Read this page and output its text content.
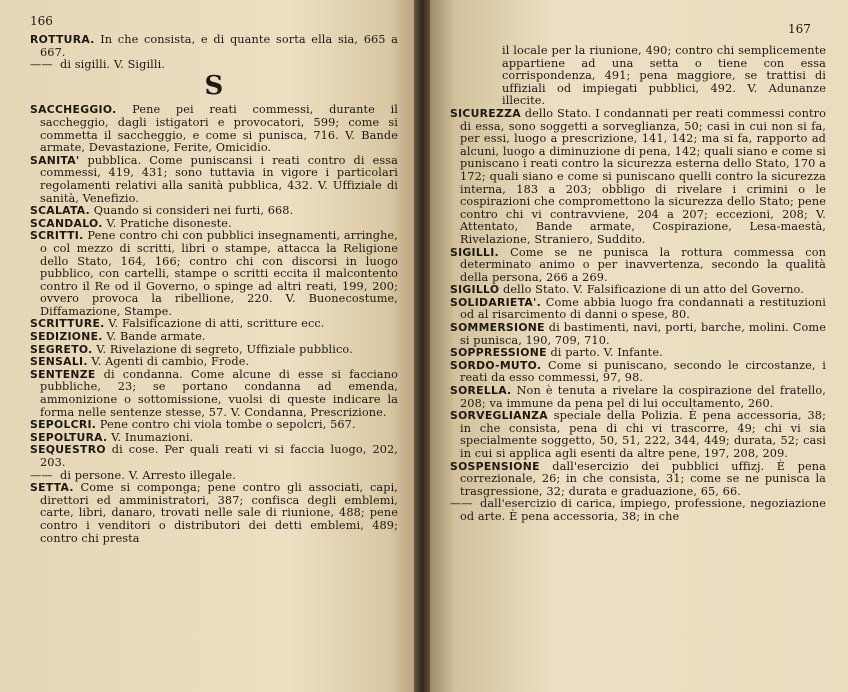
166

ROTTURA. In che consista, e di quante sorta ella sia, 665 a 667.

—— di sigilli. V. Sigilli.

S

SACCHEGGIO. Pene pei reati commessi, durante il saccheggio, dagli istigatori e provocatori, 599; come si commetta il saccheggio, e come si punisca, 716. V. Bande armate, Devastazione, Ferite, Omicidio.

SANITA' pubblica. Come puniscansi i reati contro di essa commessi, 419, 431; sono tuttavia in vigore i particolari regolamenti relativi alla sanità pubblica, 432. V. Uffiziale di sanità, Venefizio.

SCALATA. Quando si consideri nei furti, 668.

SCANDALO. V. Pratiche disoneste.

SCRITTI. Pene contro chi con pubblici insegnamenti, arringhe, o col mezzo di scritti, libri o stampe, attacca la Religione dello Stato, 164, 166; contro chi con discorsi in luogo pubblico, con cartelli, stampe o scritti eccita il malcontento contro il Re od il Governo, o spinge ad altri reati, 199, 200; ovvero provoca la ribellione, 220. V. Buonecostume, Diffamazione, Stampe.

SCRITTURE. V. Falsificazione di atti, scritture ecc.

SEDIZIONE. V. Bande armate.

SEGRETO. V. Rivelazione di segreto, Uffiziale pubblico.

SENSALI. V. Agenti di cambio, Frode.

SENTENZE di condanna. Come alcune di esse si facciano pubbliche, 23; se portano condanna ad emenda, ammonizione o sottomissione, vuolsi di queste indicare la forma nelle sentenze stesse, 57. V. Condanna, Prescrizione.

SEPOLCRI. Pene contro chi viola tombe o sepolcri, 567.

SEPOLTURA. V. Inumazioni.

SEQUESTRO di cose. Per quali reati vi si faccia luogo, 202, 203.

—— di persone. V. Arresto illegale.

SETTA. Come si componga; pene contro gli associati, capi, direttori ed amministratori, 387; confisca degli emblemi, carte, libri, danaro, trovati nelle sale di riunione, 488; pene contro i venditori o distributori dei detti emblemi, 489; contro chi presta

167

il locale per la riunione, 490; contro chi semplicemente appartiene ad una setta o tiene con essa corrispondenza, 491; pena maggiore, se trattisi di uffiziali od impiegati pubblici, 492. V. Adunanze illecite.

SICUREZZA dello Stato. I condannati per reati commessi contro di essa, sono soggetti a sorveglianza, 50; casi in cui non si fa, per essi, luogo a prescrizione, 141, 142; ma si fa, rapporto ad alcuni, luogo a diminuzione di pena, 142; quali siano e come si puniscano i reati contro la sicurezza esterna dello Stato, 170 a 172; quali siano e come si puniscano quelli contro la sicurezza interna, 183 a 203; obbligo di rivelare i crimini o le cospirazioni che compromettono la sicurezza dello Stato; pene contro chi vi contravviene, 204 a 207; eccezioni, 208; V. Attentato, Bande armate, Cospirazione, Lesa-maestà, Rivelazione, Straniero, Suddito.

SIGILLI. Come se ne punisca la rottura commessa con determinato animo o per inavvertenza, secondo la qualità della persona, 266 a 269.

SIGILLO dello Stato. V. Falsificazione di un atto del Governo.

SOLIDARIETA'. Come abbia luogo fra condannati a restituzioni od al risarcimento di danni o spese, 80.

SOMMERSIONE di bastimenti, navi, porti, barche, molini. Come si punisca, 190, 709, 710.

SOPPRESSIONE di parto. V. Infante.

SORDO-MUTO. Come si puniscano, secondo le circostanze, i reati da esso commessi, 97, 98.

SORELLA. Non è tenuta a rivelare la cospirazione del fratello, 208; va immune da pena pel di lui occultamento, 260.

SORVEGLIANZA speciale della Polizia. È pena accessoria, 38; in che consista, pena di chi vi trascorre, 49; chi vi sia specialmente soggetto, 50, 51, 222, 344, 449; durata, 52; casi in cui si applica agli esenti da altre pene, 197, 208, 209.

SOSPENSIONE dall'esercizio dei pubblici uffizj. È pena correzionale, 26; in che consista, 31; come se ne punisca la trasgressione, 32; durata e graduazione, 65, 66.

—— dall'esercizio di carica, impiego, professione, negoziazione od arte. È pena accessoria, 38; in che
